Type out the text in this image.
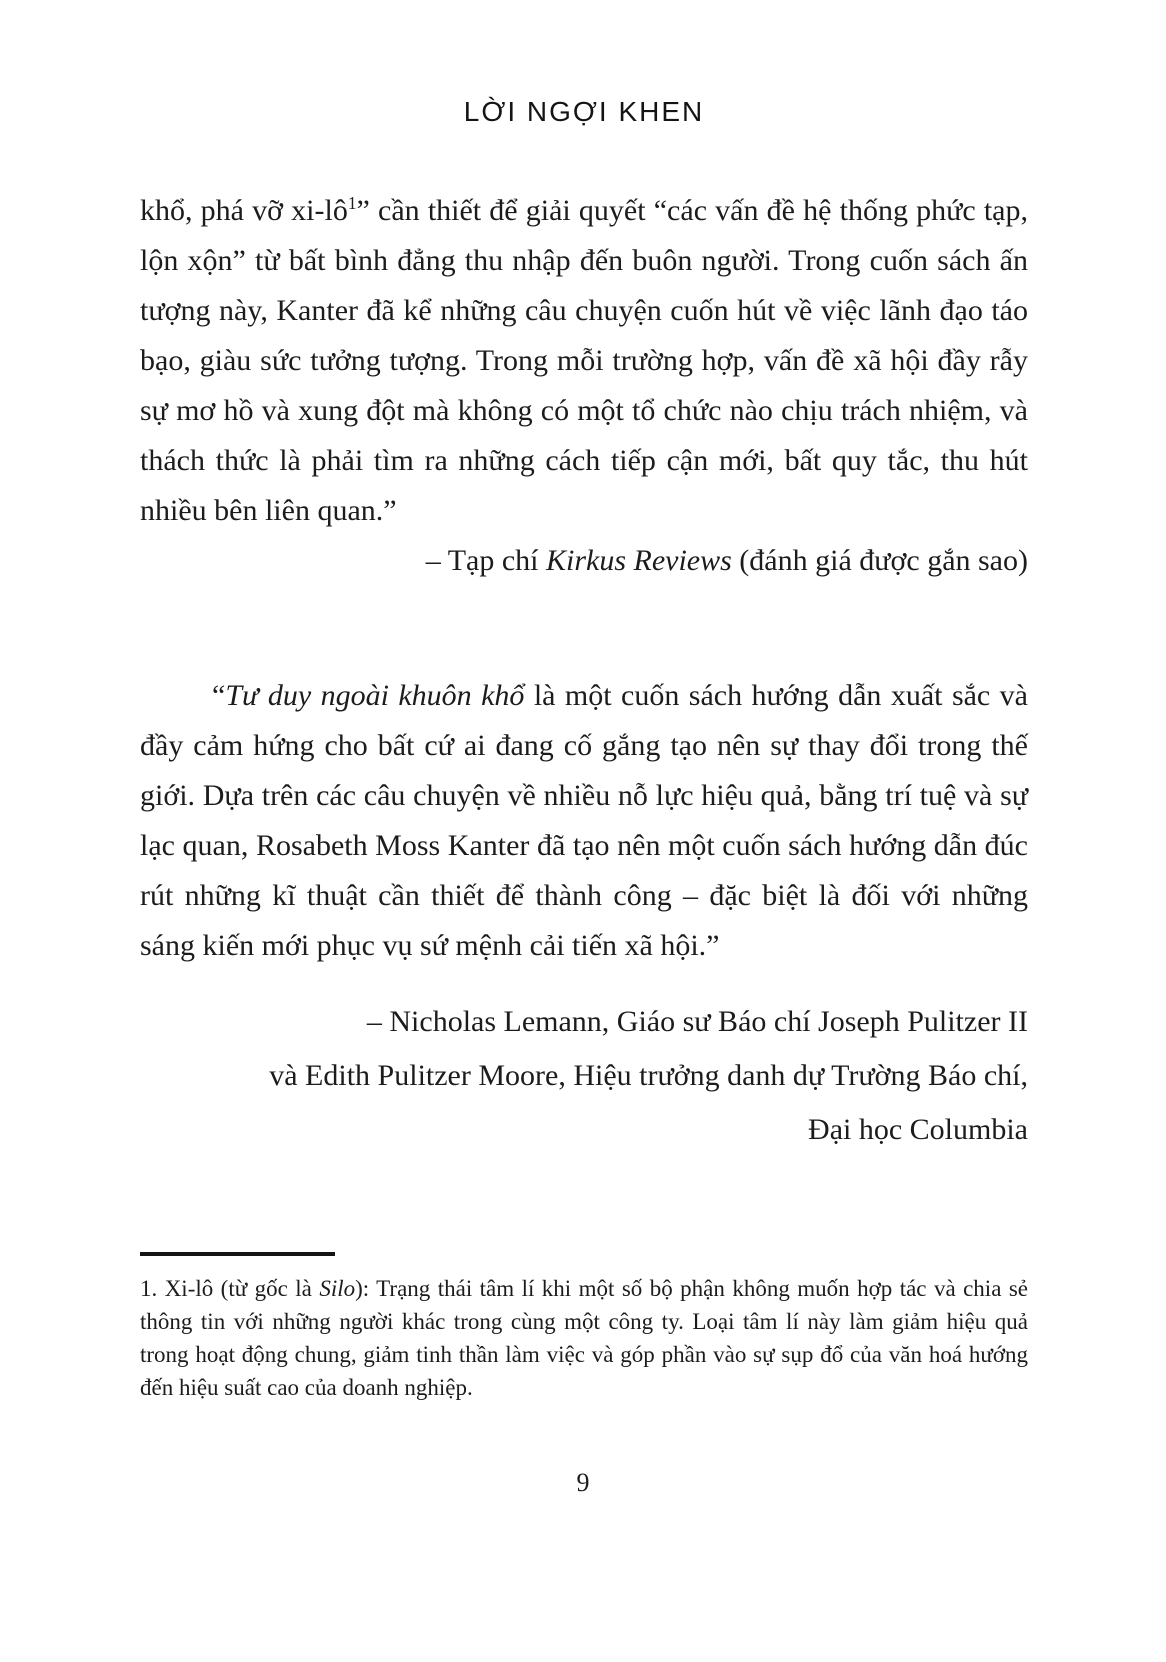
LỜI NGỢI KHEN

khổ, phá vỡ $xi-lô^1$” cần thiết để giải quyết “các vấn đề hệ thống phức tạp, lộn xộn” từ bất bình đẳng thu nhập đến buôn người. Trong cuốn sách ấn tượng này, Kanter đã kể những câu chuyện cuốn hút về việc lãnh đạo táo bạo, giàu sức tưởng tượng. Trong mỗi trường hợp, vấn đề xã hội đầy rẫy sự mơ hồ và xung đột mà không có một tổ chức nào chịu trách nhiệm, và thách thức là phải tìm ra những cách tiếp cận mới, bất quy tắc, thu hút nhiều bên liên quan.”

– Tạp chí Kirkus Reviews (đánh giá được gắn sao)

“Tư duy ngoài khuôn khổ là một cuốn sách hướng dẫn xuất sắc và đầy cảm hứng cho bất cứ ai đang cố gắng tạo nên sự thay đổi trong thế giới. Dựa trên các câu chuyện về nhiều nỗ lực hiệu quả, bằng trí tuệ và sự lạc quan, Rosabeth Moss Kanter đã tạo nên một cuốn sách hướng dẫn đúc rút những kĩ thuật cần thiết để thành công – đặc biệt là đối với những sáng kiến mới phục vụ sứ mệnh cải tiến xã hội.”

– Nicholas Lemann, Giáo sư Báo chí Joseph Pulitzer II
và Edith Pulitzer Moore, Hiệu trưởng danh dự Trường Báo chí,
Đại học Columbia

1. Xi-lô (từ gốc là Silo): Trạng thái tâm lí khi một số bộ phận không muốn hợp tác và chia sẻ thông tin với những người khác trong cùng một công ty. Loại tâm lí này làm giảm hiệu quả trong hoạt động chung, giảm tinh thần làm việc và góp phần vào sự sụp đổ của văn hoá hướng đến hiệu suất cao của doanh nghiệp.

9
